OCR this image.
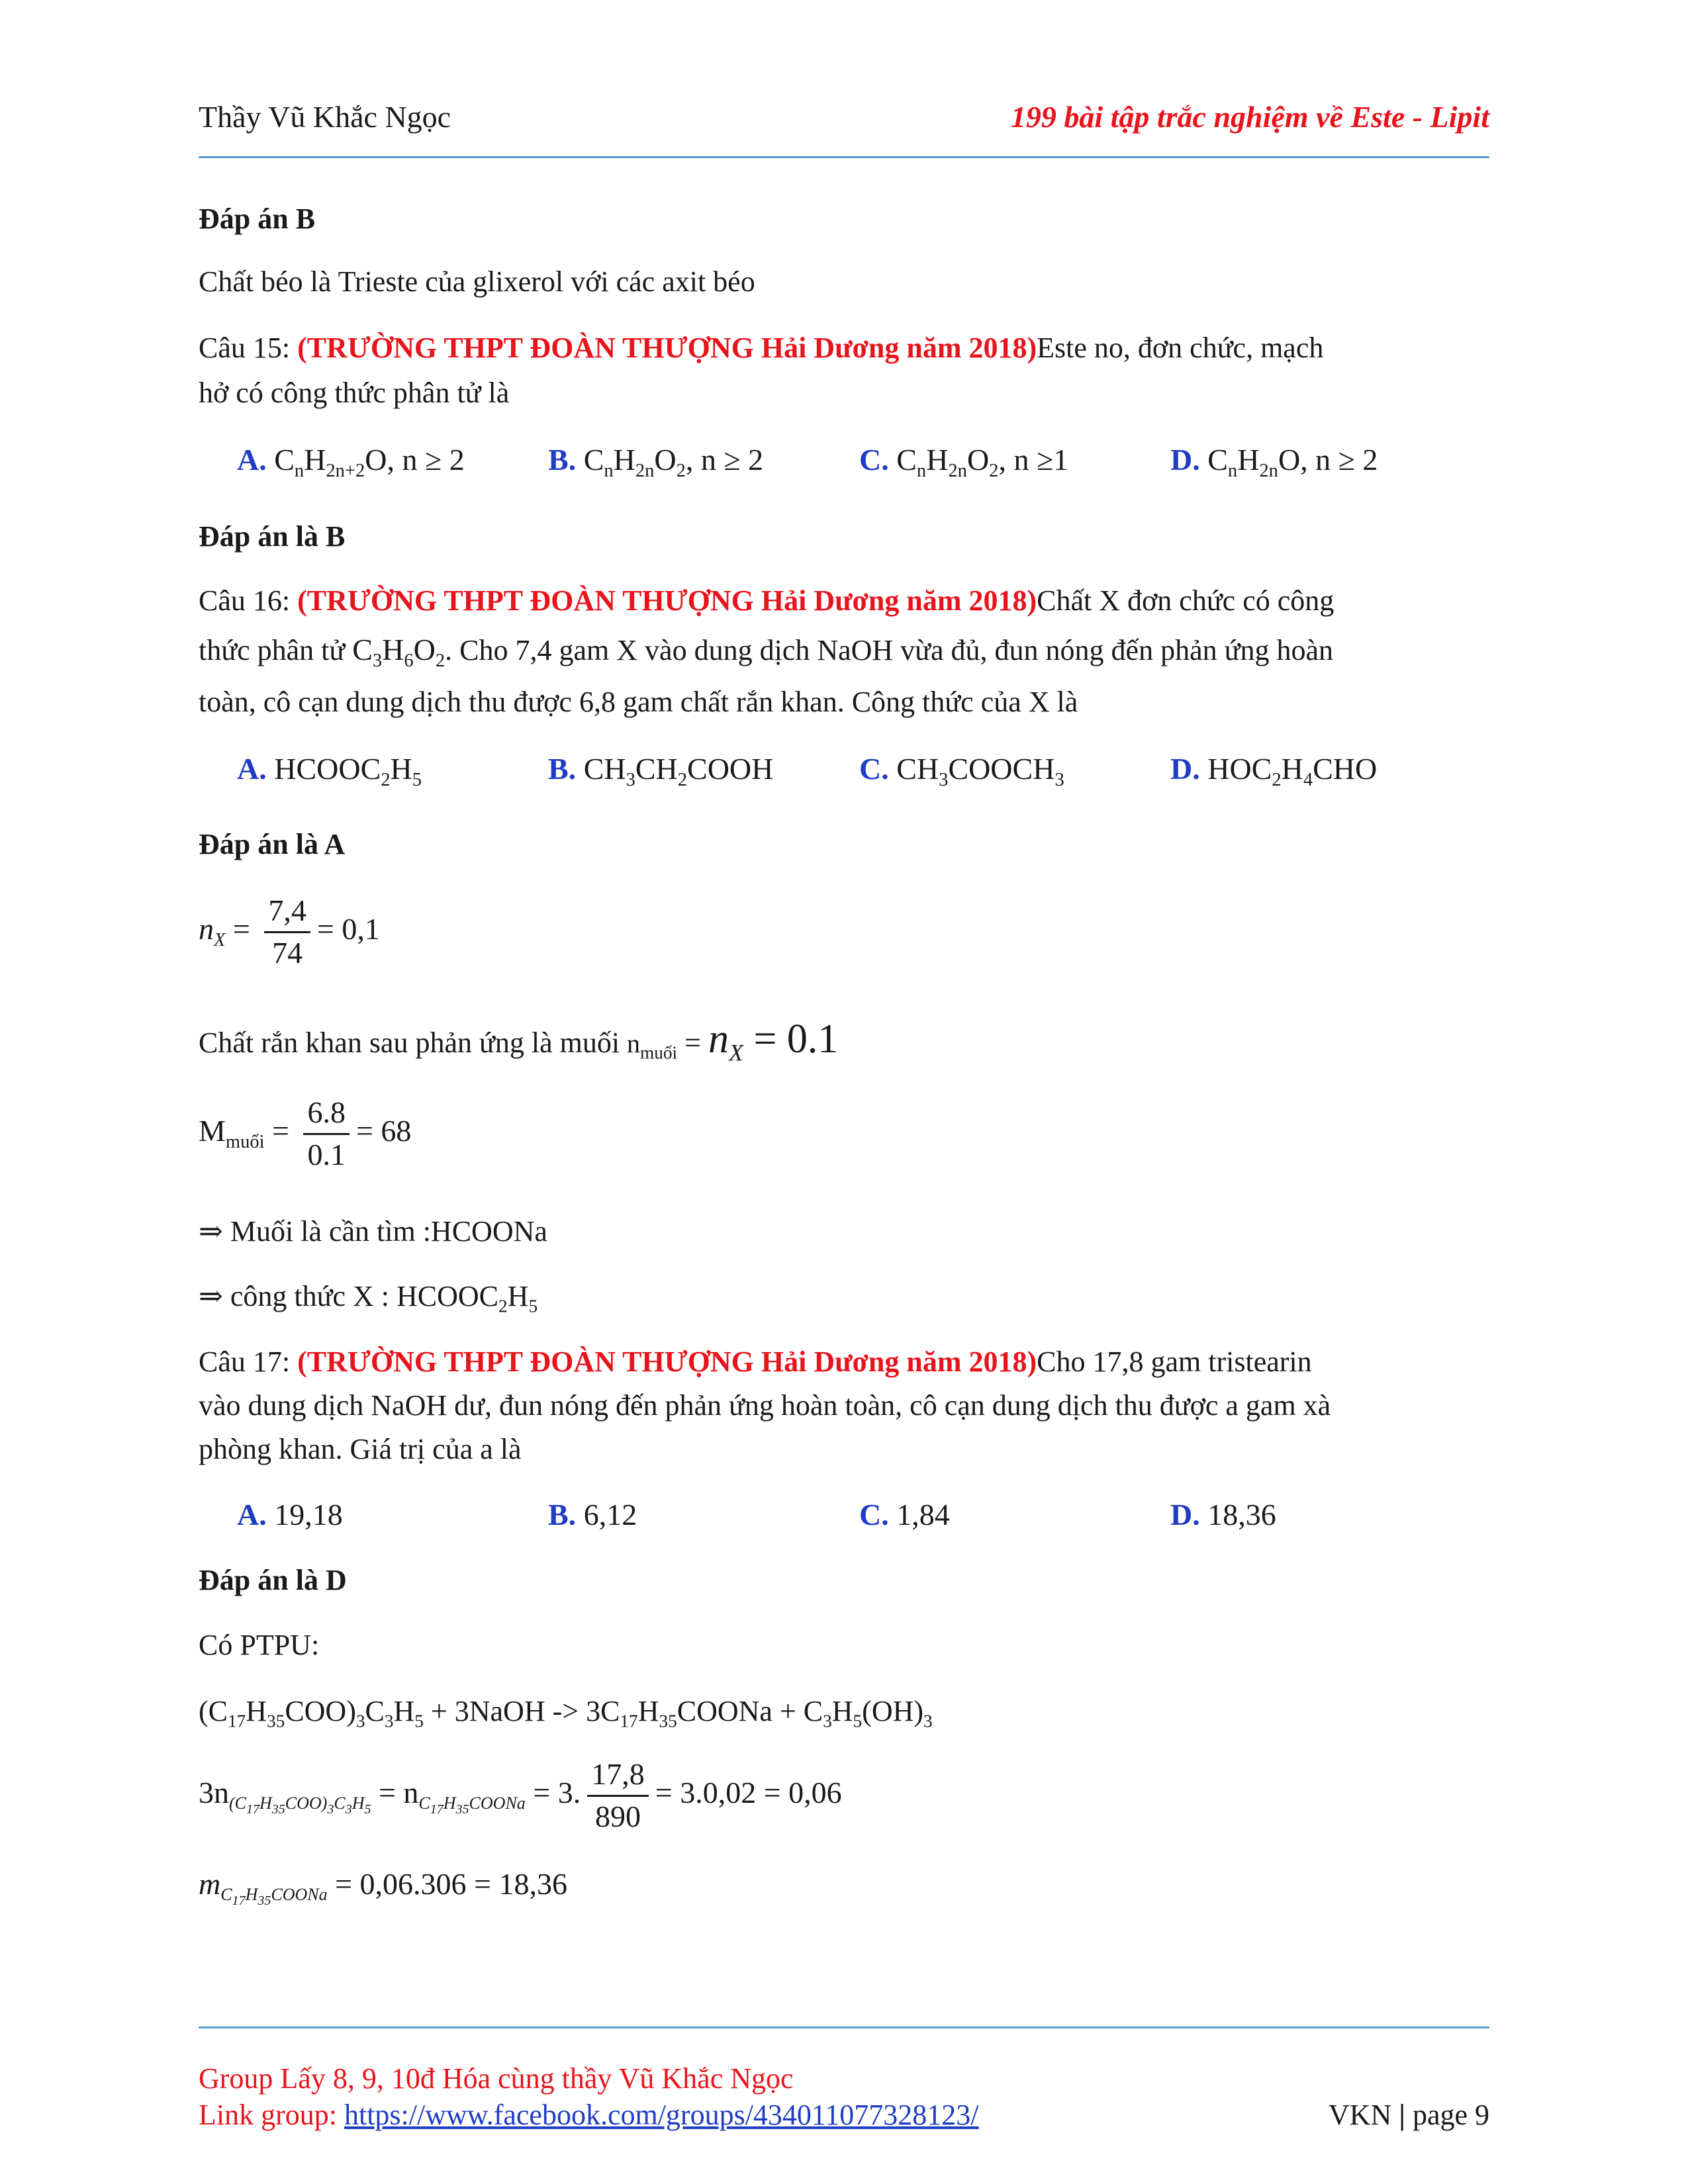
Thầy Vũ Khắc Ngọc	199 bài tập trắc nghiệm về Este - Lipit
Đáp án B
Chất béo là Trieste của glixerol với các axit béo
Câu 15: (TRƯỜNG THPT ĐOÀN THƯỢNG Hải Dương năm 2018)Este no, đơn chức, mạch
hở có công thức phân tử là
A. $C_nH_{2n+2}O$, n ≥ 2	B. $C_nH_{2n}O_2$, n ≥ 2	C. $C_nH_{2n}O_2$, n ≥1	D. $C_nH_{2n}O$, n ≥ 2
Đáp án là B
Câu 16: (TRƯỜNG THPT ĐOÀN THƯỢNG Hải Dương năm 2018)Chất X đơn chức có công
thức phân tử $C_3H_6O_2$. Cho 7,4 gam X vào dung dịch NaOH vừa đủ, đun nóng đến phản ứng hoàn
toàn, cô cạn dung dịch thu được 6,8 gam chất rắn khan. Công thức của X là
A. $HCOOC_2H_5$	B. $CH_3CH_2COOH$	C. $CH_3COOCH_3$	D. $HOC_2H_4CHO$
Đáp án là A
$n_X = \frac{7,4}{74} = 0,1$
Chất rắn khan sau phản ứng là muối $n_{muối} = n_X = 0.1$
$M_{muối} = \frac{6.8}{0.1} = 68$
⇒ Muối là cần tìm :HCOONa
⇒ công thức X : $HCOOC_2H_5$
Câu 17: (TRƯỜNG THPT ĐOÀN THƯỢNG Hải Dương năm 2018)Cho 17,8 gam tristearin
vào dung dịch NaOH dư, đun nóng đến phản ứng hoàn toàn, cô cạn dung dịch thu được a gam xà
phòng khan. Giá trị của a là
A. 19,18	B. 6,12	C. 1,84	D. 18,36
Đáp án là D
Có PTPU:
$(C_{17}H_{35}COO)_3C_3H_5$ + 3NaOH -> $3C_{17}H_{35}COONa + C_3H_5(OH)_3$
$3n_{(C_{17}H_{35}COO)_3C_3H_5} = n_{C_{17}H_{35}COONa} = 3$. $\frac{17,8}{890} = 3.0,02 = 0,06$
$m_{C_{17}H_{35}COONa} = 0,06.306 = 18,36$
Group Lấy 8, 9, 10đ Hóa cùng thầy Vũ Khắc Ngọc
Link group: https://www.facebook.com/groups/434011077328123/	VKN | page 9
